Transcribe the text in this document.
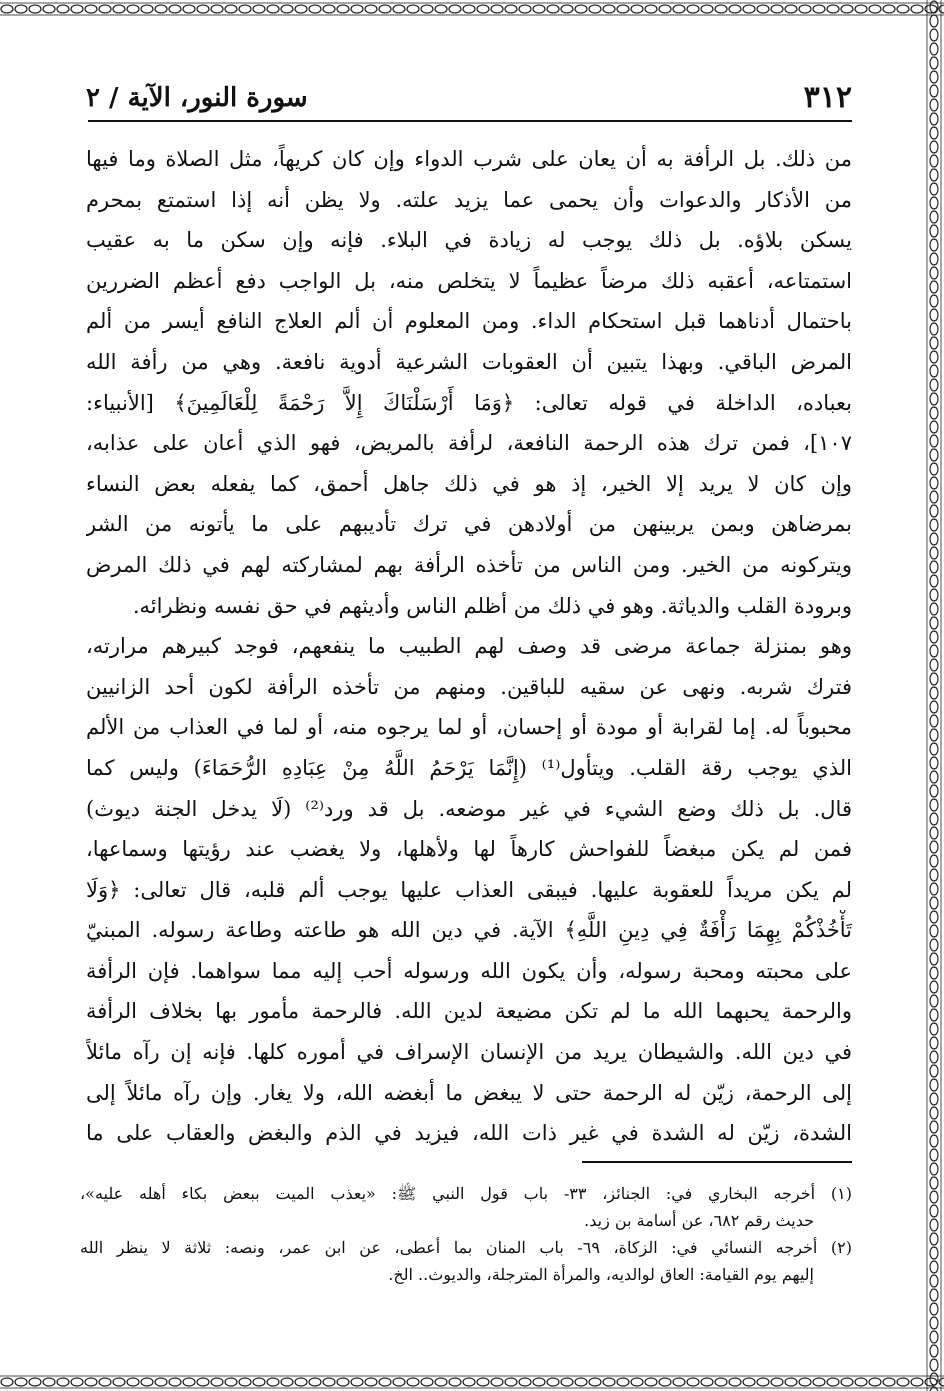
٣١٢
سورة النور، الآية / ٢
من ذلك. بل الرأفة به أن يعان على شرب الدواء وإن كان كريهاً، مثل الصلاة وما فيها
من الأذكار والدعوات وأن يحمى عما يزيد علته. ولا يظن أنه إذا استمتع بمحرم
يسكن بلاؤه. بل ذلك يوجب له زيادة في البلاء. فإنه وإن سكن ما به عقيب
استمتاعه، أعقبه ذلك مرضاً عظيماً لا يتخلص منه، بل الواجب دفع أعظم الضررين
باحتمال أدناهما قبل استحكام الداء. ومن المعلوم أن ألم العلاج النافع أيسر من ألم
المرض الباقي. وبهذا يتبين أن العقوبات الشرعية أدوية نافعة. وهي من رأفة الله
بعباده، الداخلة في قوله تعالى: ﴿وَمَا أَرْسَلْنَاكَ إِلاَّ رَحْمَةً لِلْعَالَمِينَ﴾ [الأنبياء:
١٠٧]، فمن ترك هذه الرحمة النافعة، لرأفة بالمريض، فهو الذي أعان على عذابه،
وإن كان لا يريد إلا الخير، إذ هو في ذلك جاهل أحمق، كما يفعله بعض النساء
بمرضاهن وبمن يربينهن من أولادهن في ترك تأديبهم على ما يأتونه من الشر
ويتركونه من الخير. ومن الناس من تأخذه الرأفة بهم لمشاركته لهم في ذلك المرض
وبرودة القلب والدياثة. وهو في ذلك من أظلم الناس وأديثهم في حق نفسه ونظرائه.
وهو بمنزلة جماعة مرضى قد وصف لهم الطبيب ما ينفعهم، فوجد كبيرهم مرارته،
فترك شربه. ونهى عن سقيه للباقين. ومنهم من تأخذه الرأفة لكون أحد الزانيين
محبوباً له. إما لقرابة أو مودة أو إحسان، أو لما يرجوه منه، أو لما في العذاب من الألم
الذي يوجب رقة القلب. ويتأول⁽¹⁾ (إِنَّمَا يَرْحَمُ اللَّهُ مِنْ عِبَادِهِ الرُّحَمَاءَ) وليس كما
قال. بل ذلك وضع الشيء في غير موضعه. بل قد ورد⁽²⁾ (لَا يدخل الجنة ديوث)
فمن لم يكن مبغضاً للفواحش كارهاً لها ولأهلها، ولا يغضب عند رؤيتها وسماعها،
لم يكن مريداً للعقوبة عليها. فيبقى العذاب عليها يوجب ألم قلبه، قال تعالى: ﴿وَلَا
تَأْخُذْكُمْ بِهِمَا رَأْفَةٌ فِي دِينِ اللَّهِ﴾ الآية. في دين الله هو طاعته وطاعة رسوله. المبنيّ
على محبته ومحبة رسوله، وأن يكون الله ورسوله أحب إليه مما سواهما. فإن الرأفة
والرحمة يحبهما الله ما لم تكن مضيعة لدين الله. فالرحمة مأمور بها بخلاف الرأفة
في دين الله. والشيطان يريد من الإنسان الإسراف في أموره كلها. فإنه إن رآه مائلاً
إلى الرحمة، زيّن له الرحمة حتى لا يبغض ما أبغضه الله، ولا يغار. وإن رآه مائلاً إلى
الشدة، زيّن له الشدة في غير ذات الله، فيزيد في الذم والبغض والعقاب على ما
(١) أخرجه البخاري في: الجنائز، ٣٣- باب قول النبي ﷺ: «يعذب الميت ببعض بكاء أهله عليه»،
حديث رقم ٦٨٢، عن أسامة بن زيد.
(٢) أخرجه النسائي في: الزكاة، ٦٩- باب المنان بما أعطى، عن ابن عمر، ونصه: ثلاثة لا ينظر الله
إليهم يوم القيامة: العاق لوالديه، والمرأة المترجلة، والديوث.. الخ.
